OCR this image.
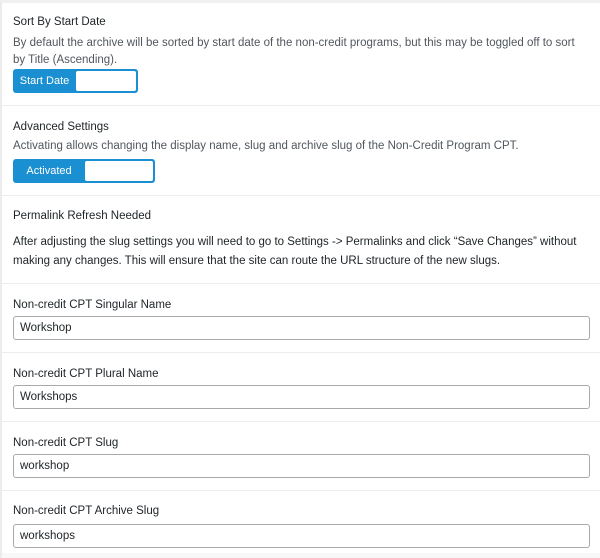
Sort By Start Date
By default the archive will be sorted by start date of the non-credit programs, but this may be toggled off to sort by Title (Ascending).
Start Date
Advanced Settings
Activating allows changing the display name, slug and archive slug of the Non-Credit Program CPT.
Activated
Permalink Refresh Needed
After adjusting the slug settings you will need to go to Settings -> Permalinks and click “Save Changes” without making any changes. This will ensure that the site can route the URL structure of the new slugs.
Non-credit CPT Singular Name
Workshop
Non-credit CPT Plural Name
Workshops
Non-credit CPT Slug
workshop
Non-credit CPT Archive Slug
workshops
